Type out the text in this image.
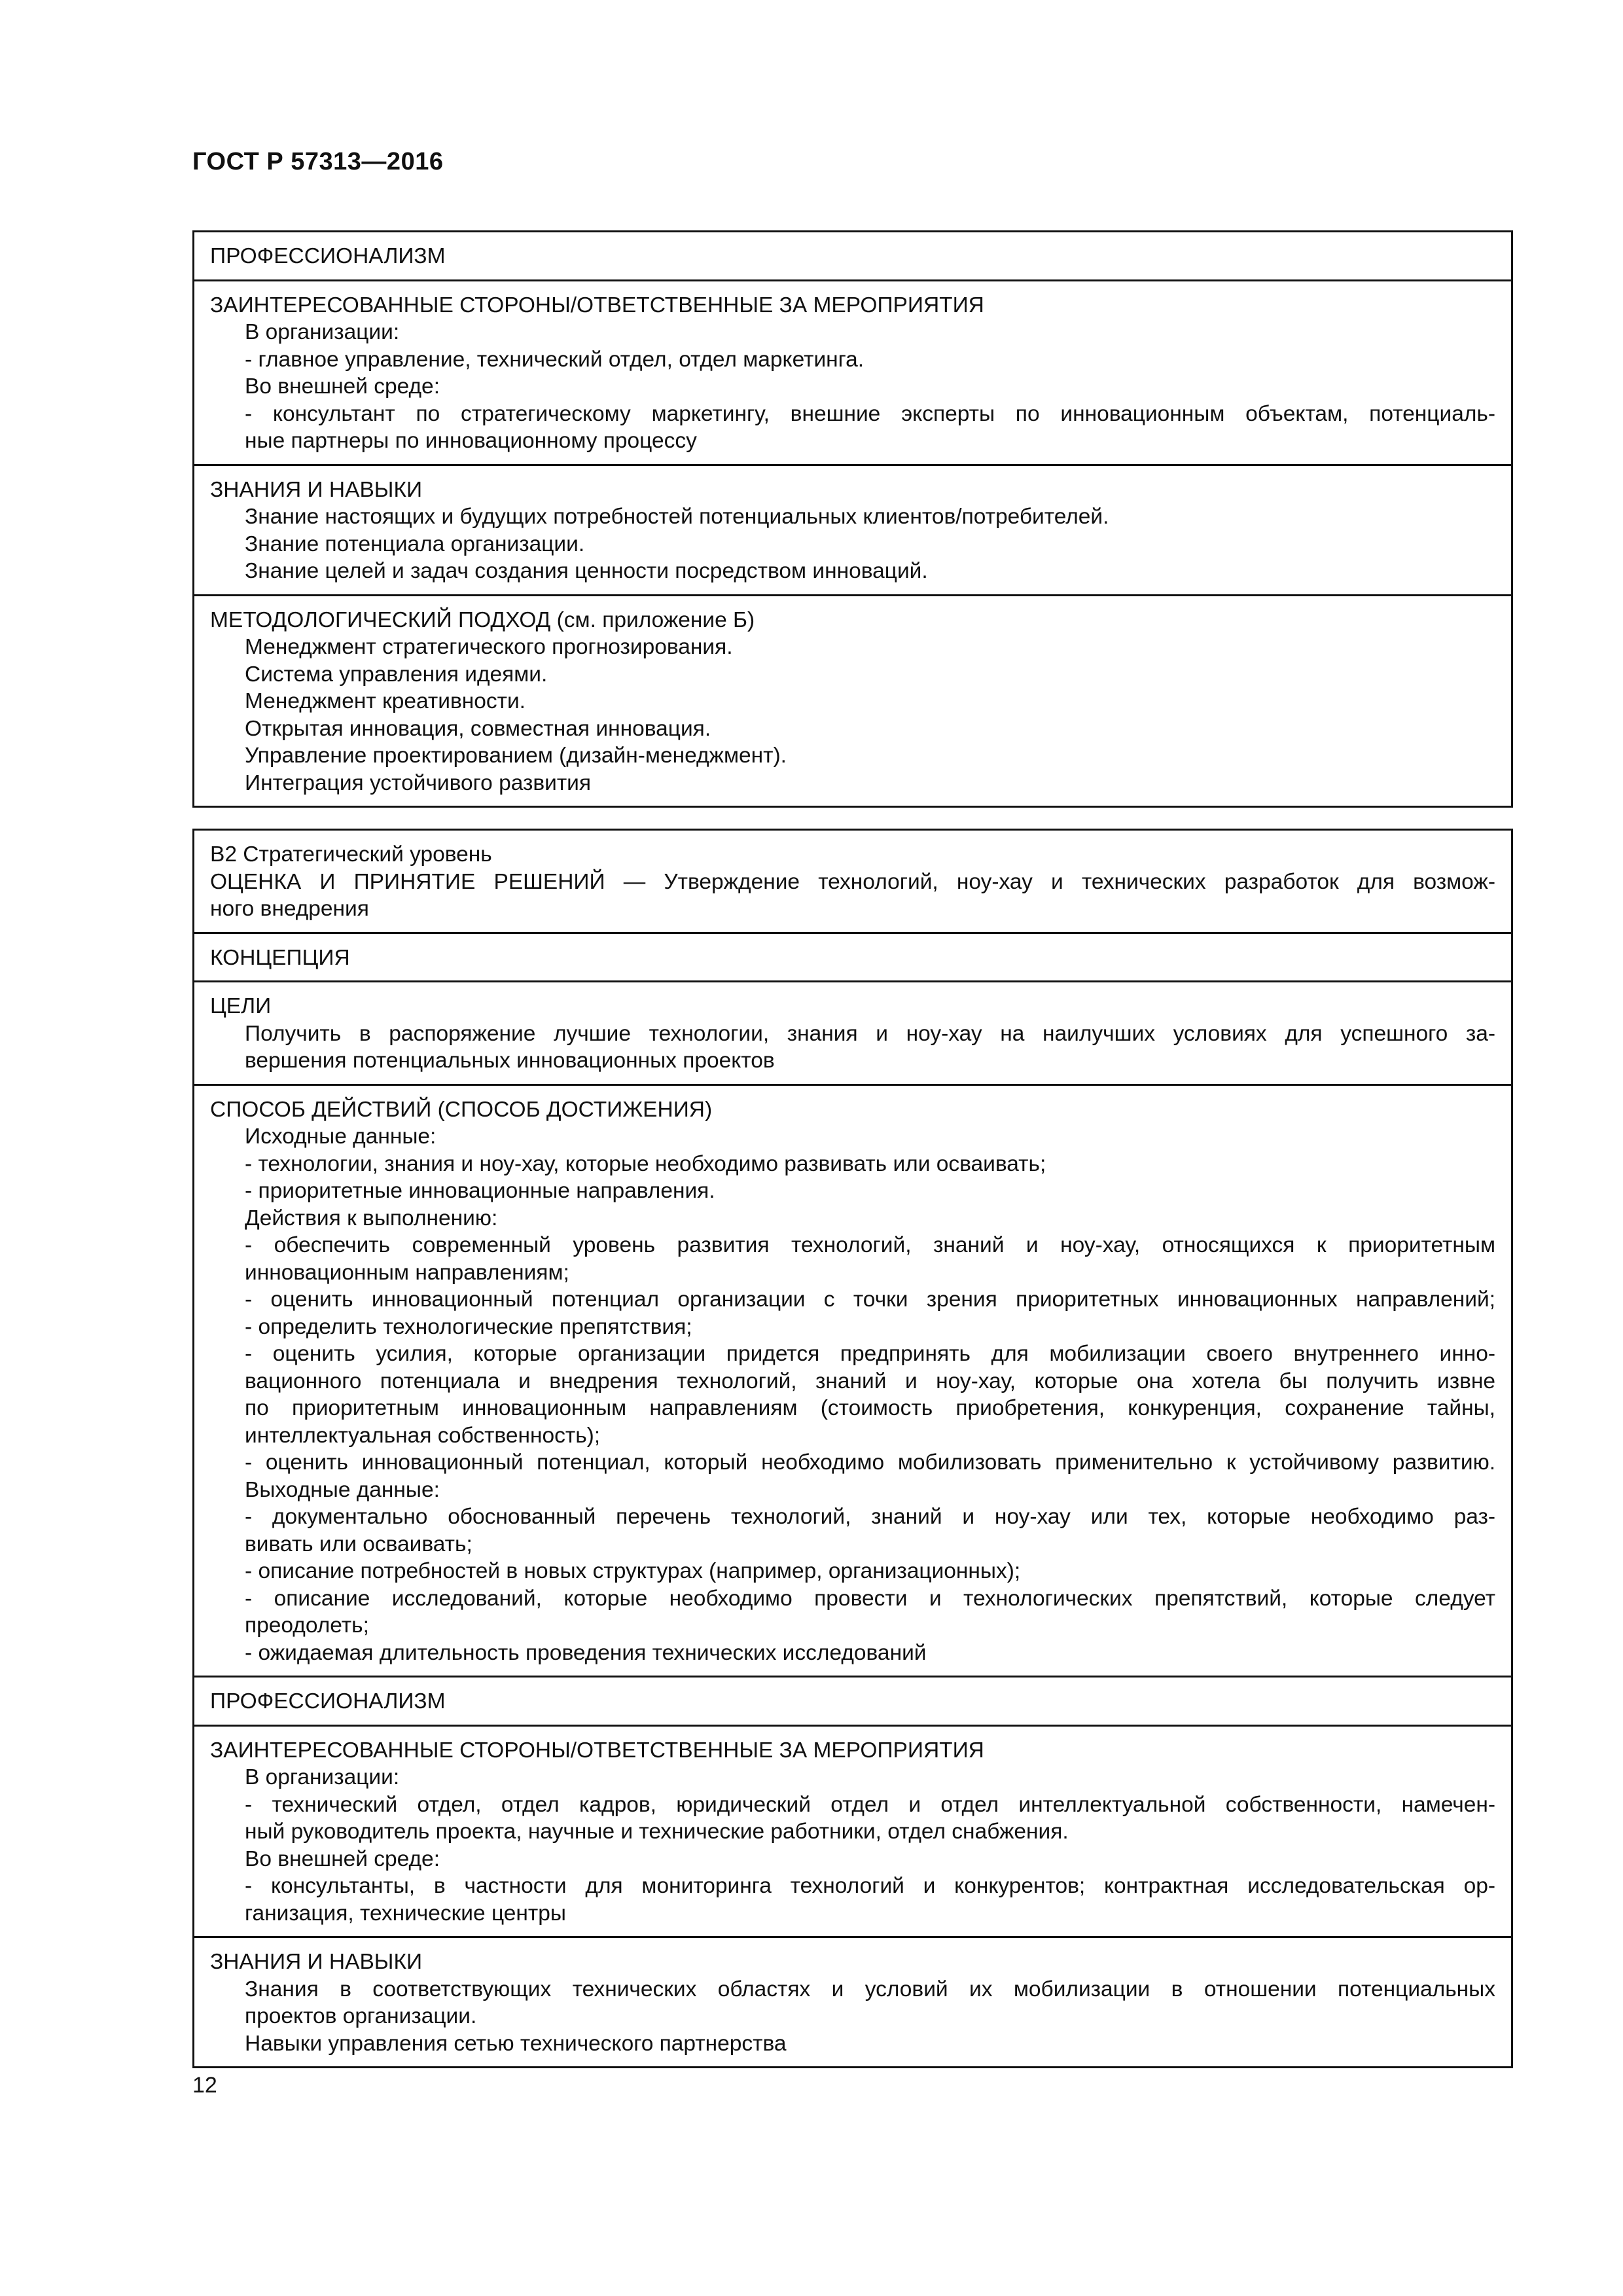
ГОСТ Р 57313—2016
ПРОФЕССИОНАЛИЗМ
ЗАИНТЕРЕСОВАННЫЕ СТОРОНЫ/ОТВЕТСТВЕННЫЕ ЗА МЕРОПРИЯТИЯ
В организации:
- главное управление, технический отдел, отдел маркетинга.
Во внешней среде:
- консультант по стратегическому маркетингу, внешние эксперты по инновационным объектам, потенциаль-
ные партнеры по инновационному процессу
ЗНАНИЯ И НАВЫКИ
Знание настоящих и будущих потребностей потенциальных клиентов/потребителей.
Знание потенциала организации.
Знание целей и задач создания ценности посредством инноваций.
МЕТОДОЛОГИЧЕСКИЙ ПОДХОД (см. приложение Б)
Менеджмент стратегического прогнозирования.
Система управления идеями.
Менеджмент креативности.
Открытая инновация, совместная инновация.
Управление проектированием (дизайн-менеджмент).
Интеграция устойчивого развития
В2 Стратегический уровень
ОЦЕНКА И ПРИНЯТИЕ РЕШЕНИЙ — Утверждение технологий, ноу-хау и технических разработок для возмож-
ного внедрения
КОНЦЕПЦИЯ
ЦЕЛИ
Получить в распоряжение лучшие технологии, знания и ноу-хау на наилучших условиях для успешного за-
вершения потенциальных инновационных проектов
СПОСОБ ДЕЙСТВИЙ (СПОСОБ ДОСТИЖЕНИЯ)
Исходные данные:
- технологии, знания и ноу-хау, которые необходимо развивать или осваивать;
- приоритетные инновационные направления.
Действия к выполнению:
- обеспечить современный уровень развития технологий, знаний и ноу-хау, относящихся к приоритетным
инновационным направлениям;
- оценить инновационный потенциал организации с точки зрения приоритетных инновационных направлений;
- определить технологические препятствия;
- оценить усилия, которые организации придется предпринять для мобилизации своего внутреннего инно-
вационного потенциала и внедрения технологий, знаний и ноу-хау, которые она хотела бы получить извне
по приоритетным инновационным направлениям (стоимость приобретения, конкуренция, сохранение тайны,
интеллектуальная собственность);
- оценить инновационный потенциал, который необходимо мобилизовать применительно к устойчивому развитию.
Выходные данные:
- документально обоснованный перечень технологий, знаний и ноу-хау или тех, которые необходимо раз-
вивать или осваивать;
- описание потребностей в новых структурах (например, организационных);
- описание исследований, которые необходимо провести и технологических препятствий, которые следует
преодолеть;
- ожидаемая длительность проведения технических исследований
ПРОФЕССИОНАЛИЗМ
ЗАИНТЕРЕСОВАННЫЕ СТОРОНЫ/ОТВЕТСТВЕННЫЕ ЗА МЕРОПРИЯТИЯ
В организации:
- технический отдел, отдел кадров, юридический отдел и отдел интеллектуальной собственности, намечен-
ный руководитель проекта, научные и технические работники, отдел снабжения.
Во внешней среде:
- консультанты, в частности для мониторинга технологий и конкурентов; контрактная исследовательская ор-
ганизация, технические центры
ЗНАНИЯ И НАВЫКИ
Знания в соответствующих технических областях и условий их мобилизации в отношении потенциальных
проектов организации.
Навыки управления сетью технического партнерства
12
